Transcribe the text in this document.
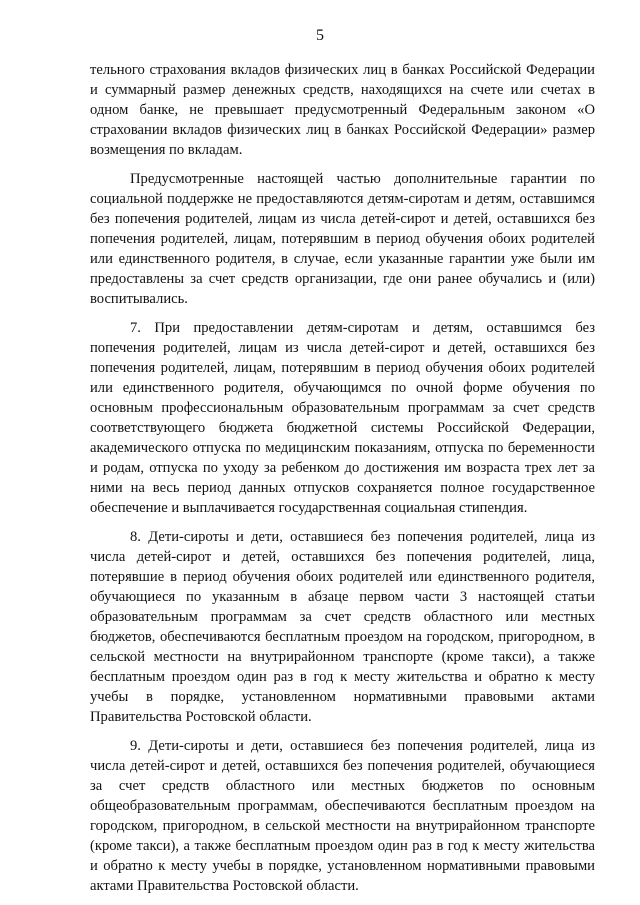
5

тельного страхования вкладов физических лиц в банках Российской Федерации и суммарный размер денежных средств, находящихся на счете или счетах в одном банке, не превышает предусмотренный Федеральным законом «О страховании вкладов физических лиц в банках Российской Федерации» размер возмещения по вкладам.

Предусмотренные настоящей частью дополнительные гарантии по социальной поддержке не предоставляются детям-сиротам и детям, оставшимся без попечения родителей, лицам из числа детей-сирот и детей, оставшихся без попечения родителей, лицам, потерявшим в период обучения обоих родителей или единственного родителя, в случае, если указанные гарантии уже были им предоставлены за счет средств организации, где они ранее обучались и (или) воспитывались.

7. При предоставлении детям-сиротам и детям, оставшимся без попечения родителей, лицам из числа детей-сирот и детей, оставшихся без попечения родителей, лицам, потерявшим в период обучения обоих родителей или единственного родителя, обучающимся по очной форме обучения по основным профессиональным образовательным программам за счет средств соответствующего бюджета бюджетной системы Российской Федерации, академического отпуска по медицинским показаниям, отпуска по беременности и родам, отпуска по уходу за ребенком до достижения им возраста трех лет за ними на весь период данных отпусков сохраняется полное государственное обеспечение и выплачивается государственная социальная стипендия.

8. Дети-сироты и дети, оставшиеся без попечения родителей, лица из числа детей-сирот и детей, оставшихся без попечения родителей, лица, потерявшие в период обучения обоих родителей или единственного родителя, обучающиеся по указанным в абзаце первом части 3 настоящей статьи образовательным программам за счет средств областного или местных бюджетов, обеспечиваются бесплатным проездом на городском, пригородном, в сельской местности на внутрирайонном транспорте (кроме такси), а также бесплатным проездом один раз в год к месту жительства и обратно к месту учебы в порядке, установленном нормативными правовыми актами Правительства Ростовской области.

9. Дети-сироты и дети, оставшиеся без попечения родителей, лица из числа детей-сирот и детей, оставшихся без попечения родителей, обучающиеся за счет средств областного или местных бюджетов по основным общеобразовательным программам, обеспечиваются бесплатным проездом на городском, пригородном, в сельской местности на внутрирайонном транспорте (кроме такси), а также бесплатным проездом один раз в год к месту жительства и обратно к месту учебы в порядке, установленном нормативными правовыми актами Правительства Ростовской области.
